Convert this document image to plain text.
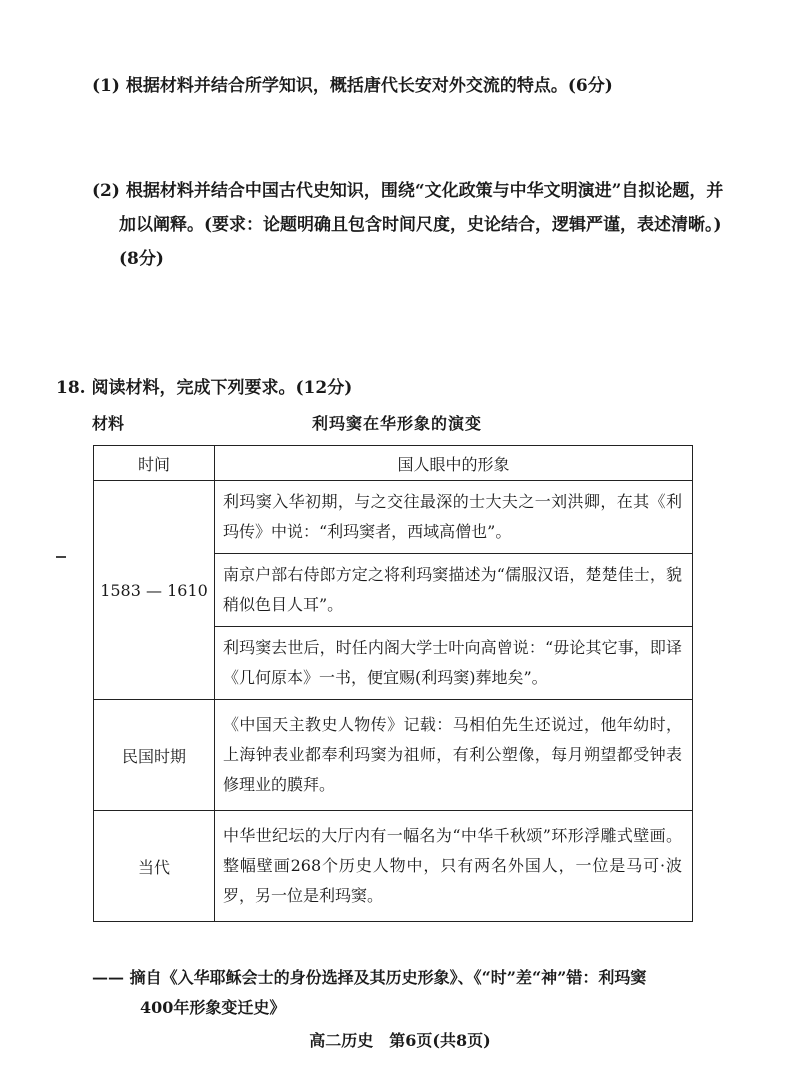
(1) 根据材料并结合所学知识，概括唐代长安对外交流的特点。(6分)
(2) 根据材料并结合中国古代史知识，围绕“文化政策与中华文明演进”自拟论题，并加以阐释。(要求：论题明确且包含时间尺度，史论结合，逻辑严谨，表述清晰。)(8分)
18. 阅读材料，完成下列要求。(12分)
材料	利玛窦在华形象的演变
时间	国人眼中的形象
1583 — 1610	利玛窦入华初期，与之交往最深的士大夫之一刘洪卿，在其《利玛传》中说：“利玛窦者，西域高僧也”。
	南京户部右侍郎方定之将利玛窦描述为“儒服汉语，楚楚佳士，貌稍似色目人耳”。
	利玛窦去世后，时任内阁大学士叶向高曾说：“毋论其它事，即译《几何原本》一书，便宜赐(利玛窦)葬地矣”。
民国时期	《中国天主教史人物传》记载：马相伯先生还说过，他年幼时，上海钟表业都奉利玛窦为祖师，有利公塑像，每月朔望都受钟表修理业的膜拜。
当代	中华世纪坛的大厅内有一幅名为“中华千秋颂”环形浮雕式壁画。整幅壁画268个历史人物中，只有两名外国人，一位是马可·波罗，另一位是利玛窦。
—— 摘自《入华耶稣会士的身份选择及其历史形象》、《“时”差“神”错：利玛窦
400年形象变迁史》
高二历史　第6页(共8页)
